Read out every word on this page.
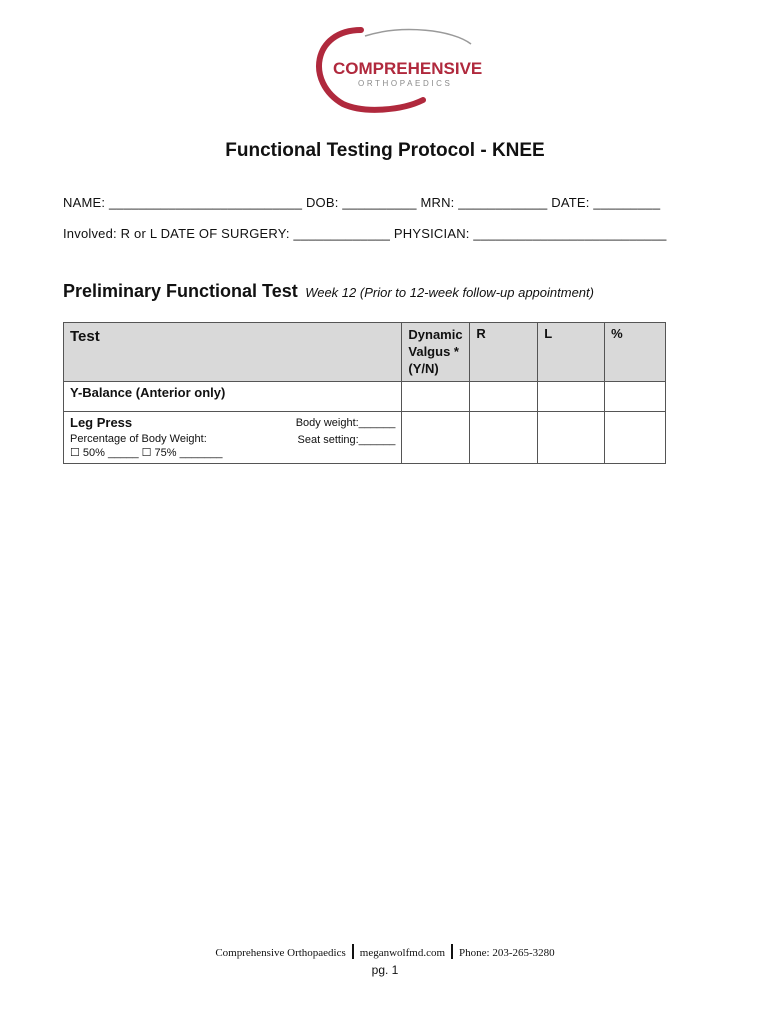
COMPREHENSIVE
ORTHOPAEDICS
Functional Testing Protocol - KNEE
NAME: __________________________ DOB: __________ MRN: ____________ DATE: _________
Involved: R or L DATE OF SURGERY: _____________ PHYSICIAN: __________________________
Preliminary Functional Test Week 12 (Prior to 12-week follow-up appointment)
Test	Dynamic Valgus * (Y/N)	R	L	%
Y-Balance (Anterior only)				

Leg Press
Percentage of Body Weight:
☐ 50% _____ ☐ 75% _______
Body weight:______
Seat setting:______				

Comprehensive Orthopaedics meganwolfmd.com Phone: 203-265-3280
pg. 1
